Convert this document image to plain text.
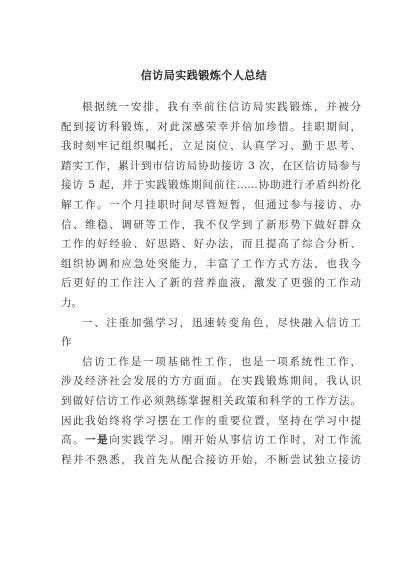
信访局实践锻炼个人总结
根据统一安排，我有幸前往信访局实践锻炼，并被分
配到接访科锻炼，对此深感荣幸并倍加珍惜。挂职期间，
我时刻牢记组织嘱托，立足岗位、认真学习、勤于思考、
踏实工作，累计到市信访局协助接访 3 次，在区信访局参与
接访 5 起，并于实践锻炼期间前往……协助进行矛盾纠纷化
解工作。一个月挂职时间尽管短暂，但通过参与接访、办
信、维稳、调研等工作，我不仅学到了新形势下做好群众
工作的好经验、好思路、好办法，而且提高了综合分析、
组织协调和应急处突能力，丰富了工作方式方法，也我今
后更好的工作注入了新的营养血液，激发了更强的工作动
力。
一、注重加强学习，迅速转变角色，尽快融入信访工
作
信访工作是一项基础性工作，也是一项系统性工作，
涉及经济社会发展的方方面面。在实践锻炼期间，我认识
到做好信访工作必须熟练掌握相关政策和科学的工作方法。
因此我始终将学习摆在工作的重要位置，坚持在学习中提
高。一是向实践学习。刚开始从事信访工作时，对工作流
程并不熟悉，我首先从配合接访开始，不断尝试独立接访
